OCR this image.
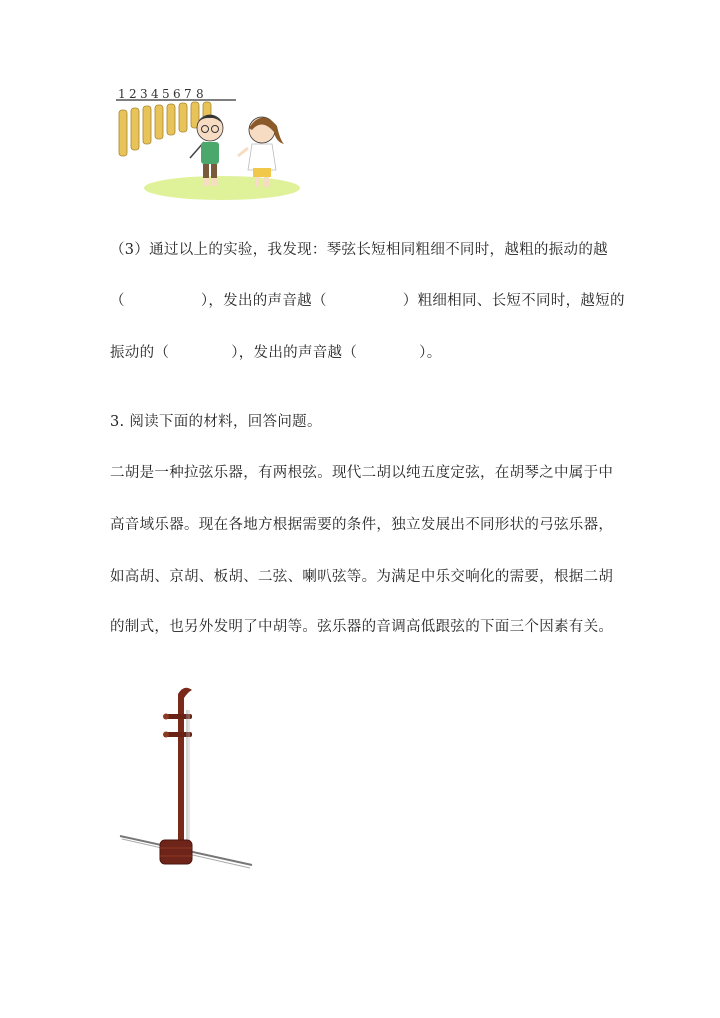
1 2 3 4 5 6 7 8
（3）通过以上的实验，我发现：琴弦长短相同粗细不同时，越粗的振动的越
（	），发出的声音越（	）粗细相同、长短不同时，越短的
振动的（	），发出的声音越（	）。
3. 阅读下面的材料，回答问题。
二胡是一种拉弦乐器，有两根弦。现代二胡以纯五度定弦，在胡琴之中属于中
高音域乐器。现在各地方根据需要的条件，独立发展出不同形状的弓弦乐器，
如高胡、京胡、板胡、二弦、喇叭弦等。为满足中乐交响化的需要，根据二胡
的制式，也另外发明了中胡等。弦乐器的音调高低跟弦的下面三个因素有关。
